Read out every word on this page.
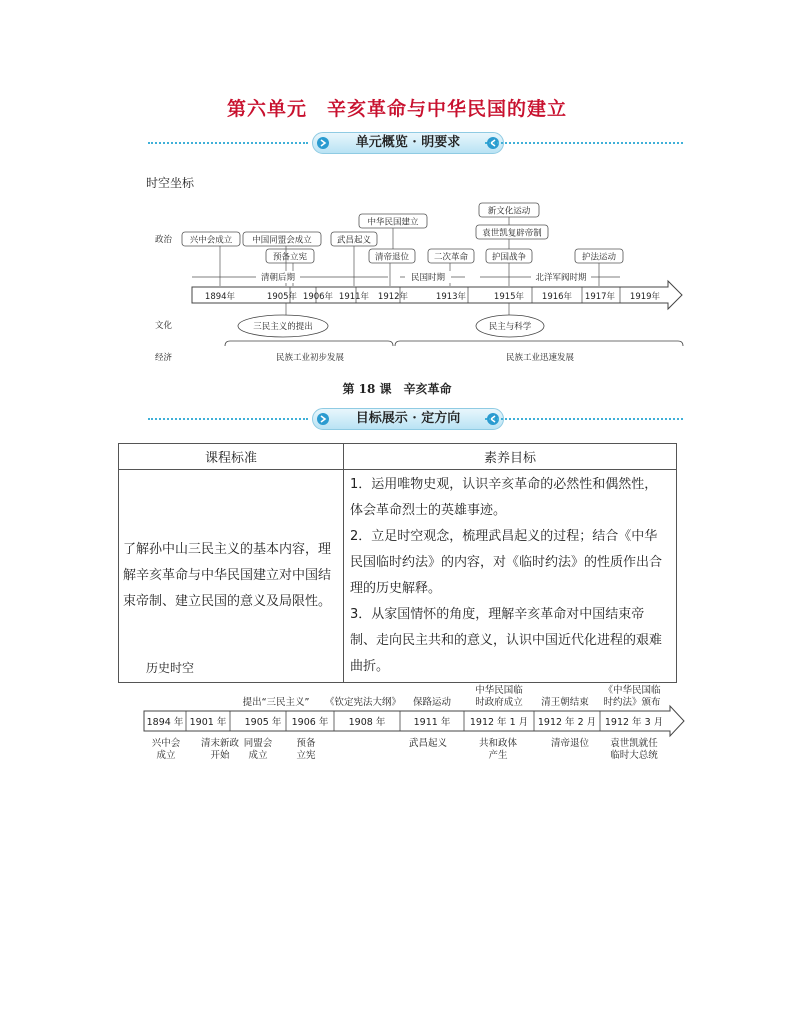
第六单元　辛亥革命与中华民国的建立
单元概览 · 明要求
时空坐标
政治
文化
经济
兴中会成立 中国同盟会成立
预备立宪
武昌起义
中华民国建立
清帝退位	二次革命
新文化运动
袁世凯复辟帝制
护国战争	护法运动
清朝后期	民国时期	北洋军阀时期
1894年	1905年 1906年 1911年 1912年	1913年	1915年 1916年 1917年 1919年
三民主义的提出	民主与科学
民族工业初步发展	民族工业迅速发展
第 18 课　辛亥革命
目标展示 · 定方向
课程标准	素养目标
了解孙中山三民主义的基本内容，理解辛亥革命与中华民国建立对中国结束帝制、建立民国的意义及局限性。	1．运用唯物史观，认识辛亥革命的必然性和偶然性，体会革命烈士的英雄事迹。

2．立足时空观念，梳理武昌起义的过程；结合《中华民国临时约法》的内容，对《临时约法》的性质作出合理的历史解释。

3．从家国情怀的角度，理解辛亥革命对中国结束帝制、走向民主共和的意义，认识中国近代化进程的艰难曲折。

历史时空
提出“三民主义” 《钦定宪法大纲》 保路运动
中华民国临
时政府成立 清王朝结束
《中华民国临
时约法》颁布
1894 年 1901 年 1905 年 1906 年 1908 年	1911 年 1912 年 1 月 1912 年 2 月 1912 年 3 月
兴中会
成立
清末新政
开始
同盟会
成立
预备
立宪
武昌起义	共和政体
产生
清帝退位 袁世凯就任
临时大总统
